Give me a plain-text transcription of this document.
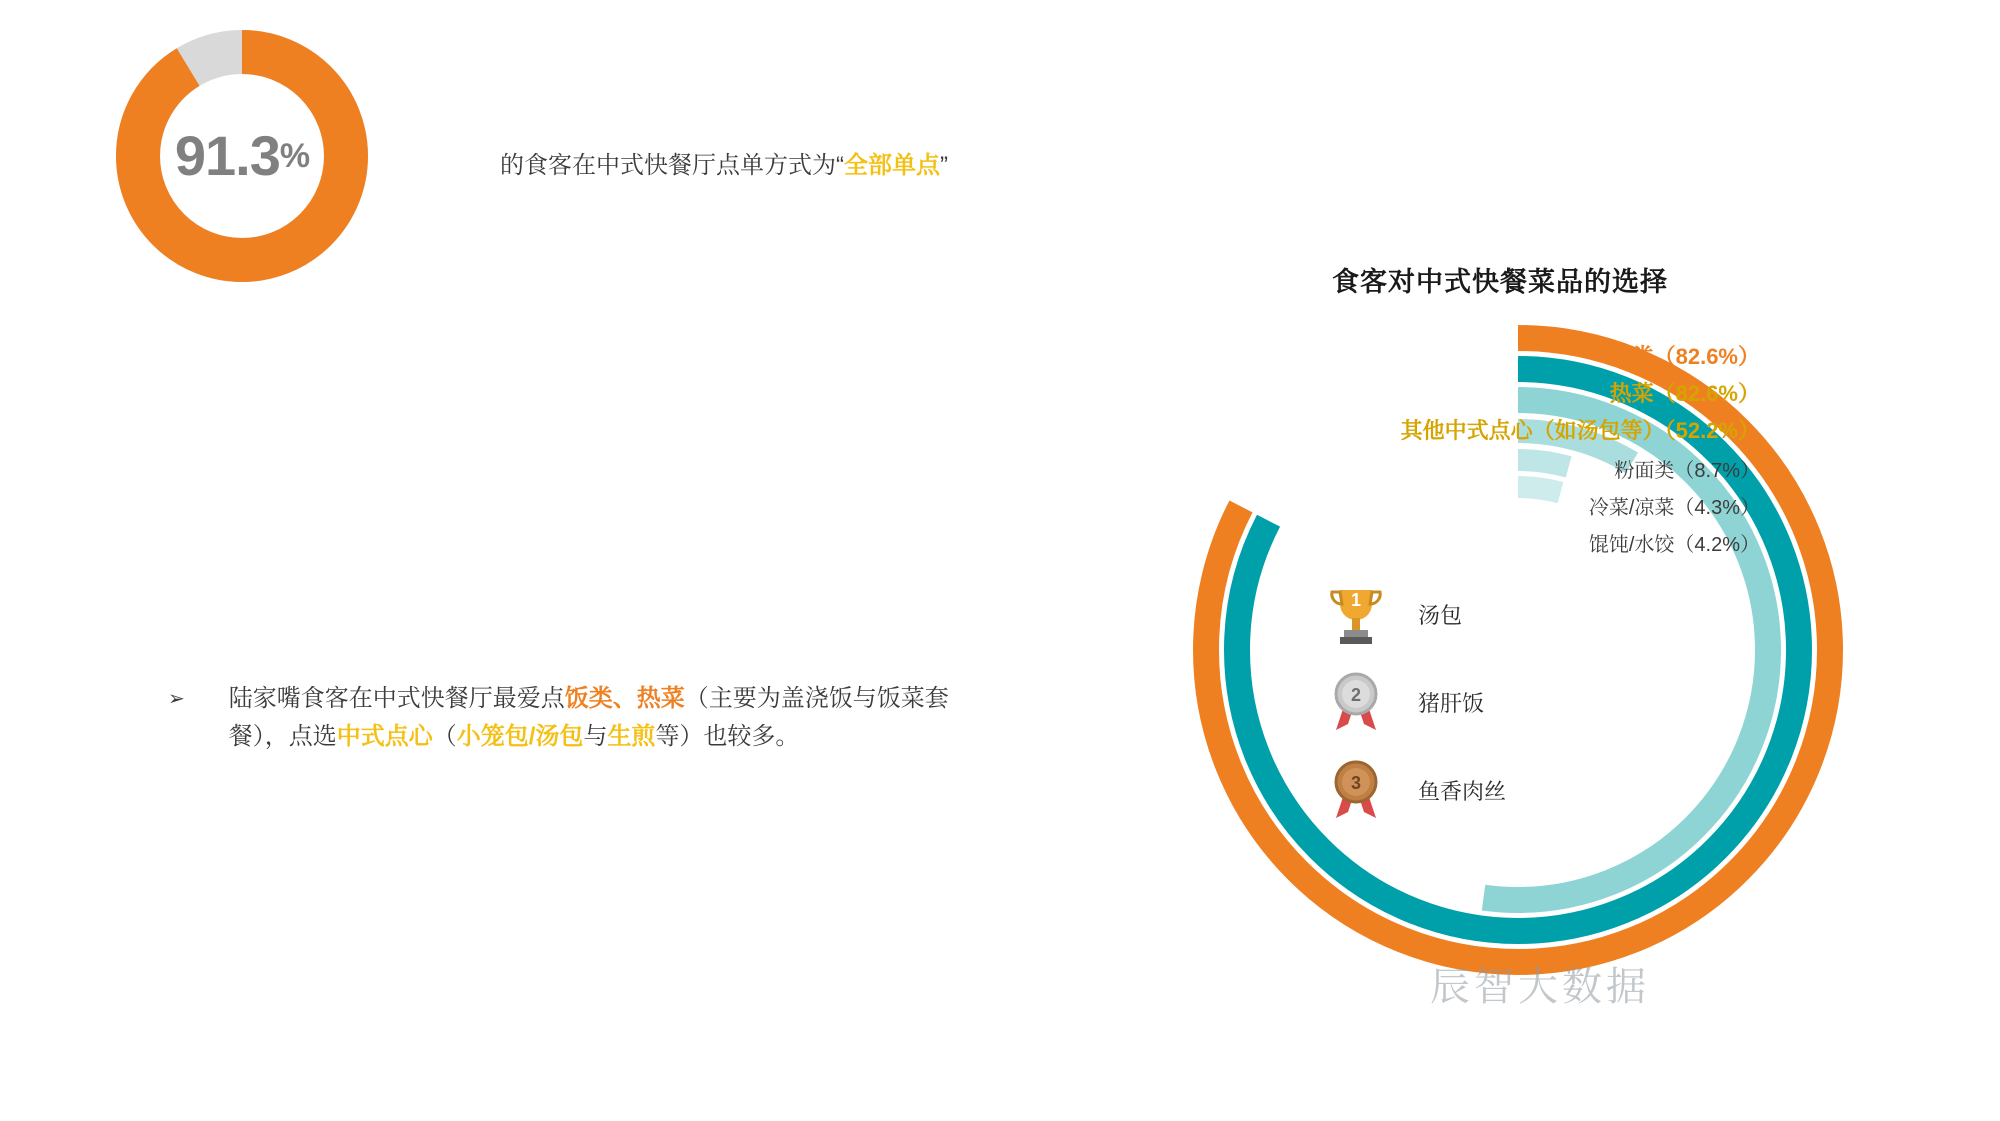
91.3 %	的食客在中式快餐厅点单方式为“全部单点”
➢ 陆家嘴食客在中式快餐厅最爱点饭类、热菜（主要为盖浇饭与饭菜套餐），点选中式点心（小笼包/汤包与生煎等）也较多。
食客对中式快餐菜品的选择
饭类（82.6%）
热菜（82.6%）
其他中式点心（如汤包等）（52.2%）
粉面类（8.7%）
冷菜/凉菜（4.3%）
馄饨/水饺（4.2%）
1
汤包
2	猪肝饭
3	鱼香肉丝
辰智大数据
